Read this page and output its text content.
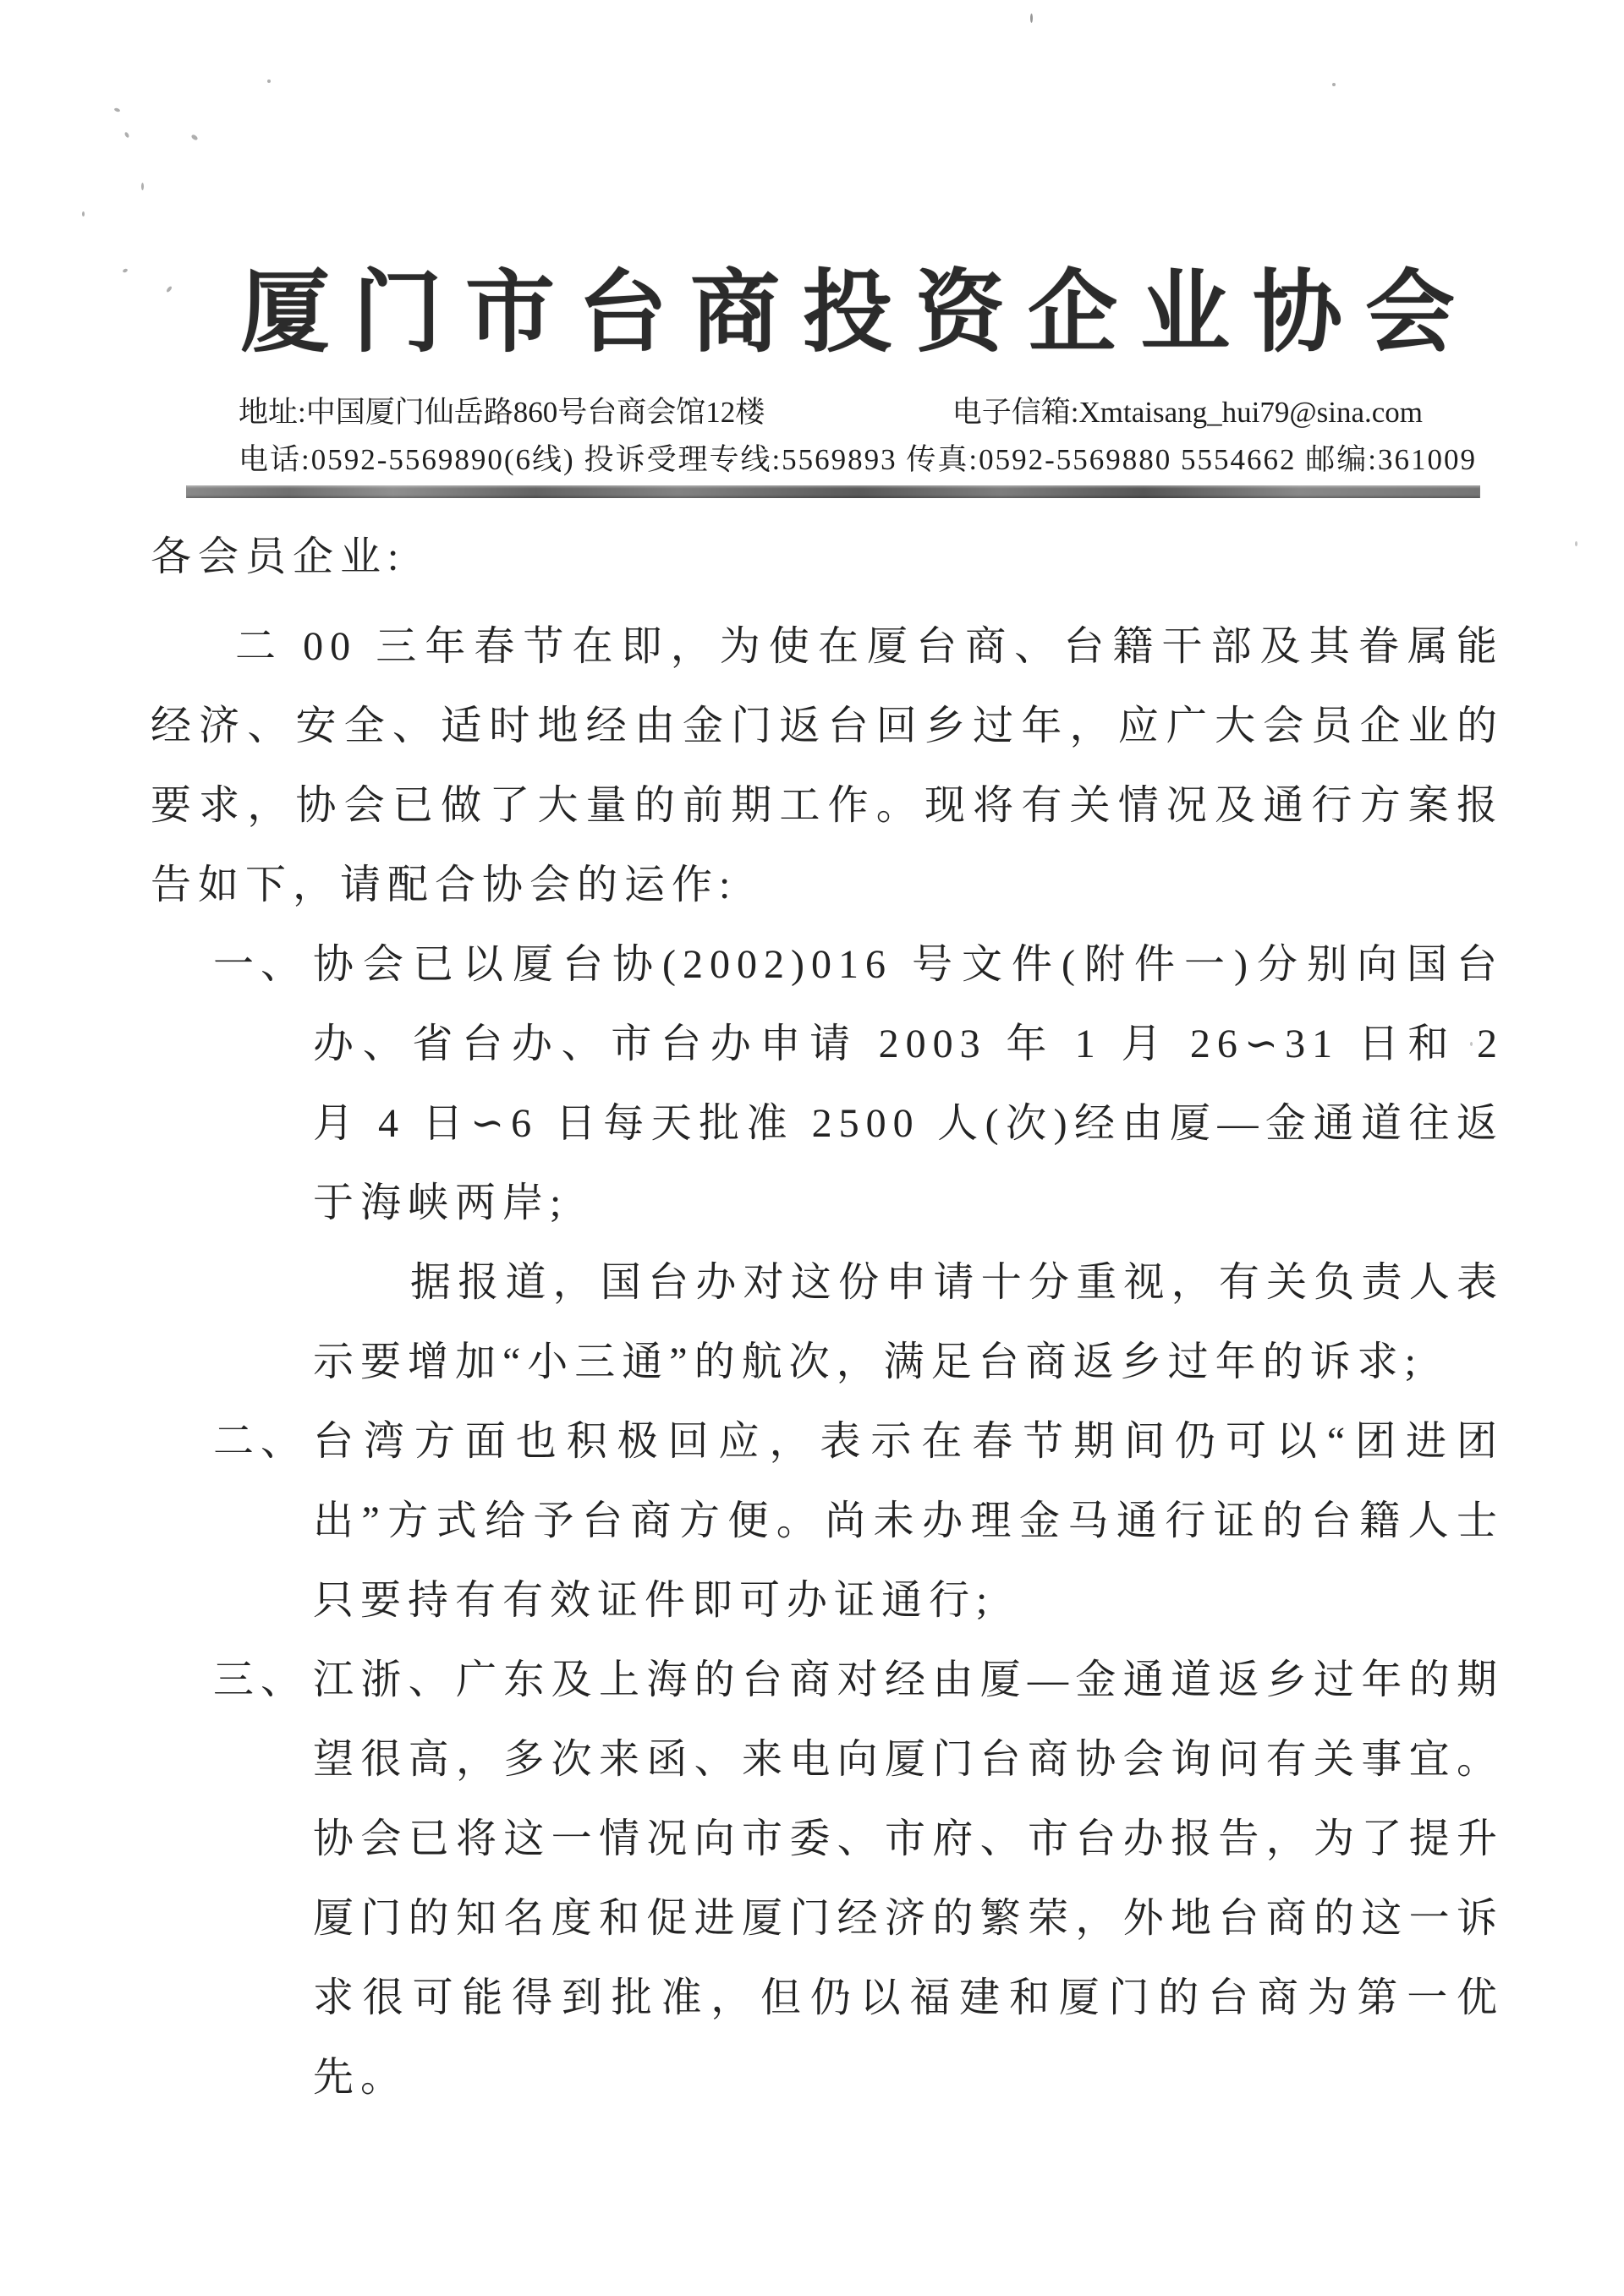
厦门市台商投资企业协会
地址:中国厦门仙岳路860号台商会馆12楼	电子信箱:Xmtaisang_hui79@sina.com
电话:0592-5569890(6线) 投诉受理专线:5569893 传真:0592-5569880 5554662 邮编:361009
各会员企业:

二 00 三年春节在即，为使在厦台商、台籍干部及其眷属能经济、安全、适时地经由金门返台回乡过年，应广大会员企业的要求，协会已做了大量的前期工作。现将有关情况及通行方案报告如下，请配合协会的运作:

一、 协会已以厦台协(2002)016 号文件(附件一)分别向国台办、省台办、市台办申请 2003 年 1 月 26∽31 日和 2 月 4 日∽6 日每天批准 2500 人(次)经由厦—金通道往返于海峡两岸;

据报道，国台办对这份申请十分重视，有关负责人表示要增加“小三通”的航次，满足台商返乡过年的诉求;

二、 台湾方面也积极回应，表示在春节期间仍可以“团进团出”方式给予台商方便。尚未办理金马通行证的台籍人士只要持有有效证件即可办证通行;

三、 江浙、广东及上海的台商对经由厦—金通道返乡过年的期望很高，多次来函、来电向厦门台商协会询问有关事宜。协会已将这一情况向市委、市府、市台办报告，为了提升厦门的知名度和促进厦门经济的繁荣，外地台商的这一诉求很可能得到批准，但仍以福建和厦门的台商为第一优先。
